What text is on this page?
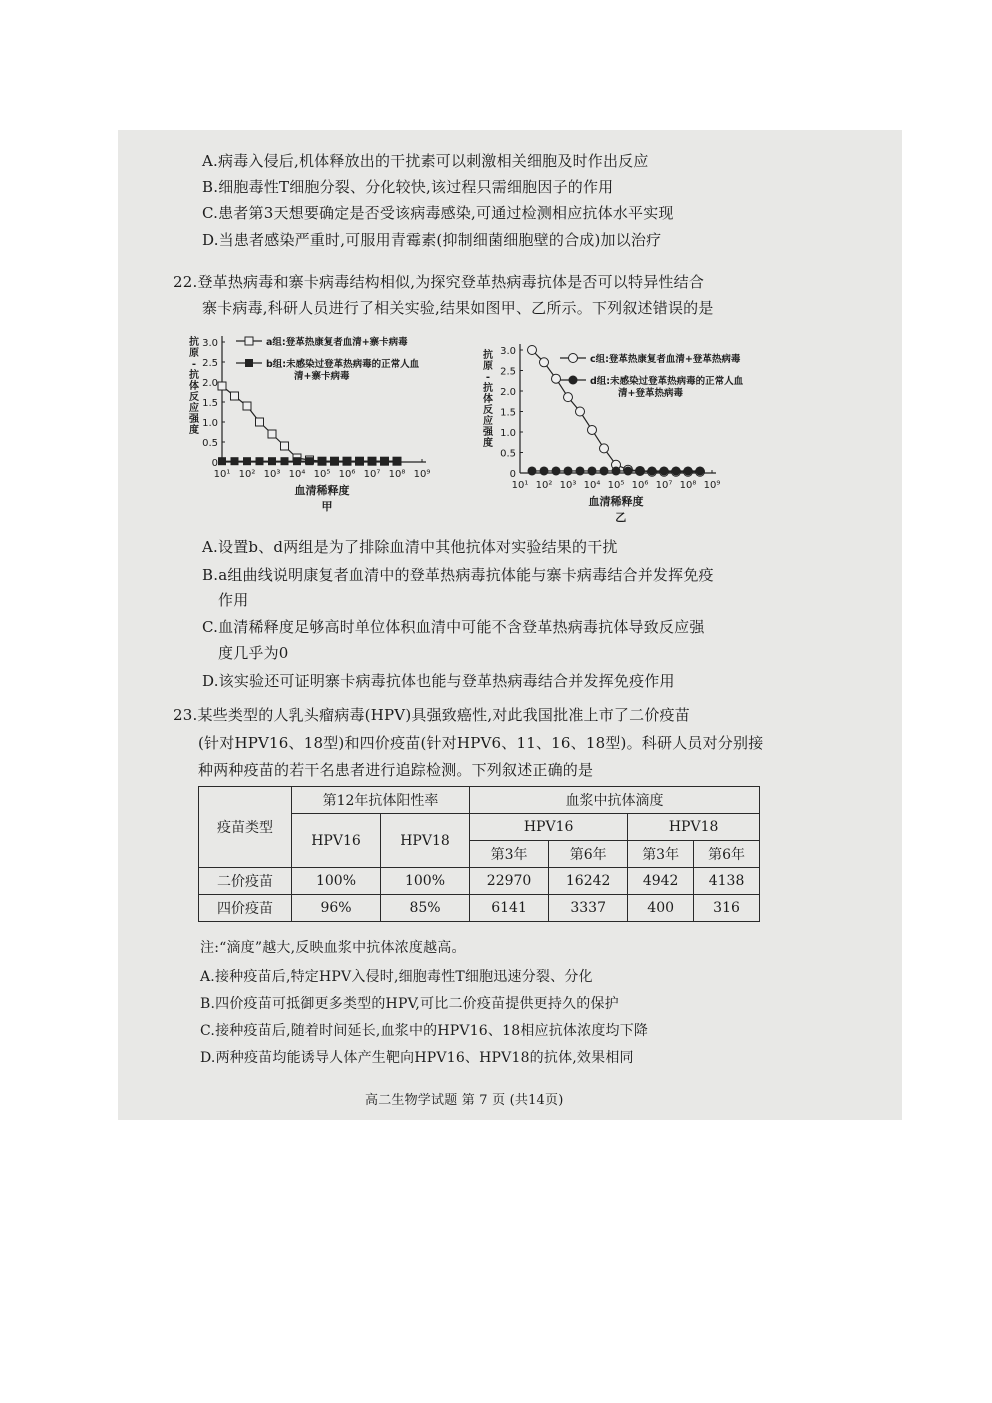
A.病毒入侵后,机体释放出的干扰素可以刺激相关细胞及时作出反应
B.细胞毒性T细胞分裂、分化较快,该过程只需细胞因子的作用
C.患者第3天想要确定是否受该病毒感染,可通过检测相应抗体水平实现
D.当患者感染严重时,可服用青霉素(抑制细菌细胞壁的合成)加以治疗
22.登革热病毒和寨卡病毒结构相似,为探究登革热病毒抗体是否可以特异性结合
寨卡病毒,科研人员进行了相关实验,结果如图甲、乙所示。下列叙述错误的是
10¹ 10² 10³ 10⁴ 10⁵ 10⁶ 10⁷ 10⁸ 10⁹
0
0.5
1.0
1.5
2.0
2.5
3.0
抗
原
-
抗
体
反
应
强
度
血清稀释度
甲
a组:登革热康复者血清+寨卡病毒
b组:未感染过登革热病毒的正常人血
清+寨卡病毒
10¹ 10² 10³ 10⁴ 10⁵ 10⁶ 10⁷ 10⁸ 10⁹
0
0.5
1.0
1.5
2.0
2.5
3.0
抗
原
-
抗
体
反
应
强
度
血清稀释度
乙
c组:登革热康复者血清+登革热病毒
d组:未感染过登革热病毒的正常人血
清+登革热病毒
A.设置b、d两组是为了排除血清中其他抗体对实验结果的干扰
B.a组曲线说明康复者血清中的登革热病毒抗体能与寨卡病毒结合并发挥免疫
作用
C.血清稀释度足够高时单位体积血清中可能不含登革热病毒抗体导致反应强
度几乎为0
D.该实验还可证明寨卡病毒抗体也能与登革热病毒结合并发挥免疫作用
23.某些类型的人乳头瘤病毒(HPV)具强致癌性,对此我国批准上市了二价疫苗
(针对HPV16、18型)和四价疫苗(针对HPV6、11、16、18型)。科研人员对分别接
种两种疫苗的若干名患者进行追踪检测。下列叙述正确的是
疫苗类型	第12年抗体阳性率		血浆中抗体滴度			
	HPV16	HPV18	HPV16		HPV18	
			第3年	第6年	第3年	第6年
二价疫苗	100%	100%	22970	16242	4942	4138
四价疫苗	96%	85%	6141	3337	400	316
注:“滴度”越大,反映血浆中抗体浓度越高。
A.接种疫苗后,特定HPV入侵时,细胞毒性T细胞迅速分裂、分化
B.四价疫苗可抵御更多类型的HPV,可比二价疫苗提供更持久的保护
C.接种疫苗后,随着时间延长,血浆中的HPV16、18相应抗体浓度均下降
D.两种疫苗均能诱导人体产生靶向HPV16、HPV18的抗体,效果相同
高二生物学试题 第 7 页 (共14页)
